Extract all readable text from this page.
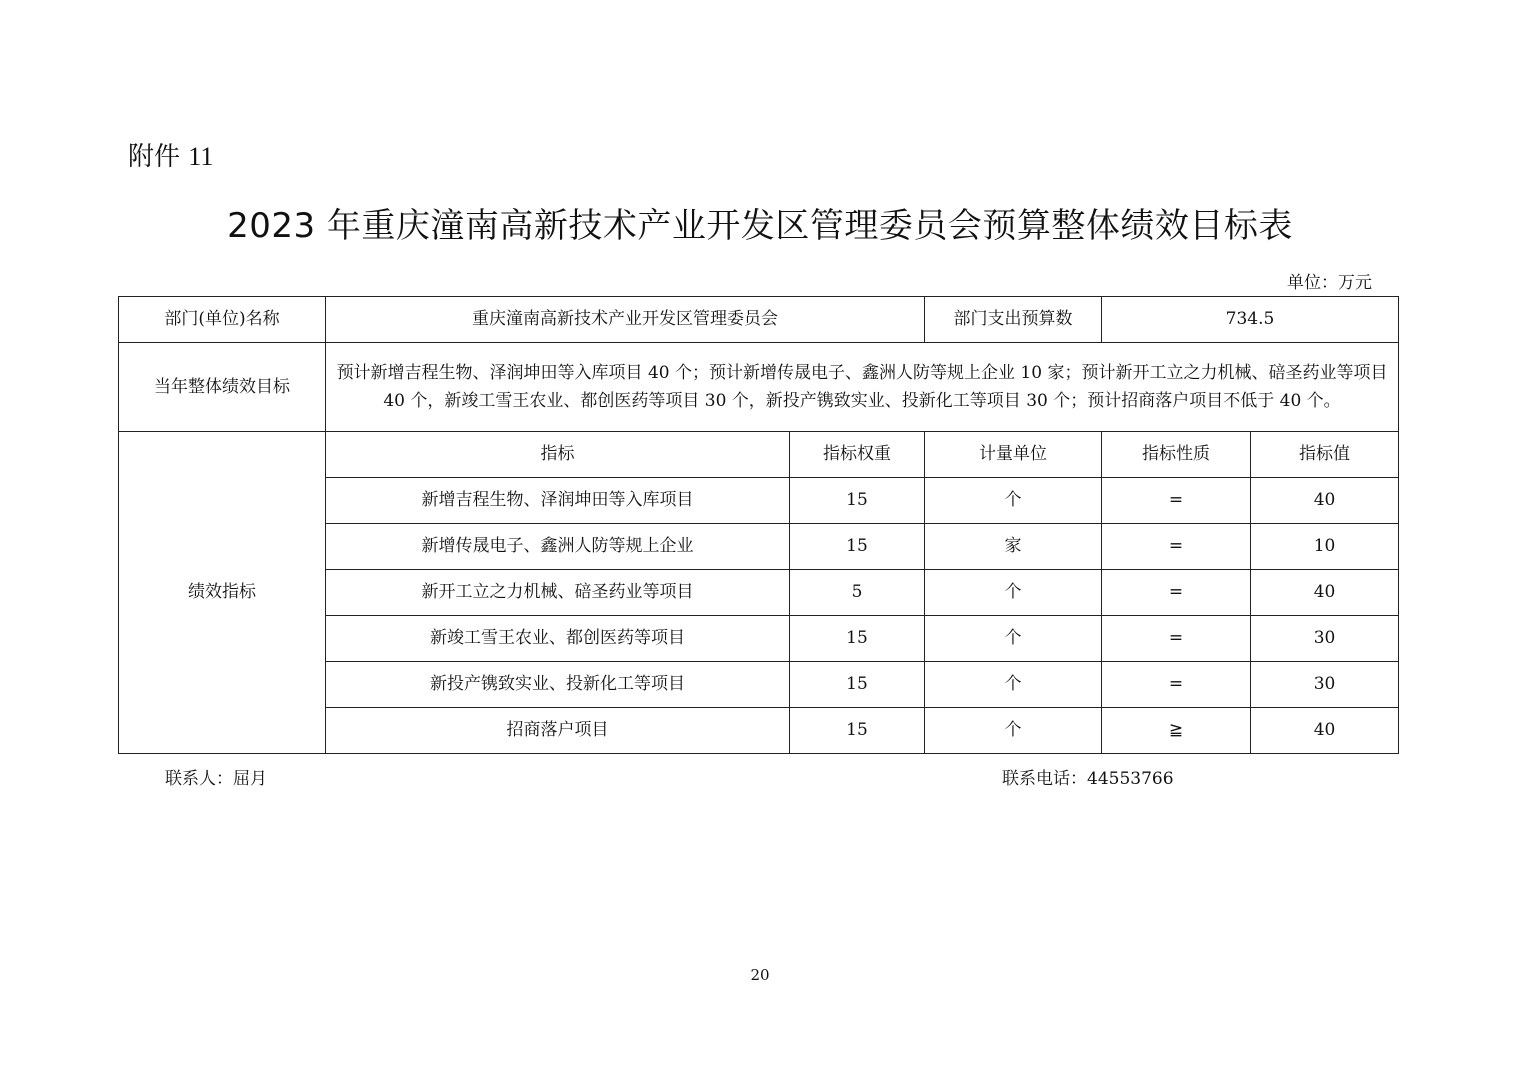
附件 11
2023 年重庆潼南高新技术产业开发区管理委员会预算整体绩效目标表
单位：万元
部门(单位)名称	重庆潼南高新技术产业开发区管理委员会		部门支出预算数	734.5	
当年整体绩效目标	预计新增吉程生物、泽润坤田等入库项目 40 个；预计新增传晟电子、鑫洲人防等规上企业 10 家；预计新开工立之力机械、碚圣药业等项目 40 个，新竣工雪王农业、都创医药等项目 30 个，新投产镌致实业、投新化工等项目 30 个；预计招商落户项目不低于 40 个。				
绩效指标	指标	指标权重	计量单位	指标性质	指标值
	新增吉程生物、泽润坤田等入库项目	15	个	=	40
	新增传晟电子、鑫洲人防等规上企业	15	家	=	10
	新开工立之力机械、碚圣药业等项目	5	个	=	40
	新竣工雪王农业、都创医药等项目	15	个	=	30
	新投产镌致实业、投新化工等项目	15	个	=	30
	招商落户项目	15	个	≧	40
联系人：屈月	联系电话：44553766
20
